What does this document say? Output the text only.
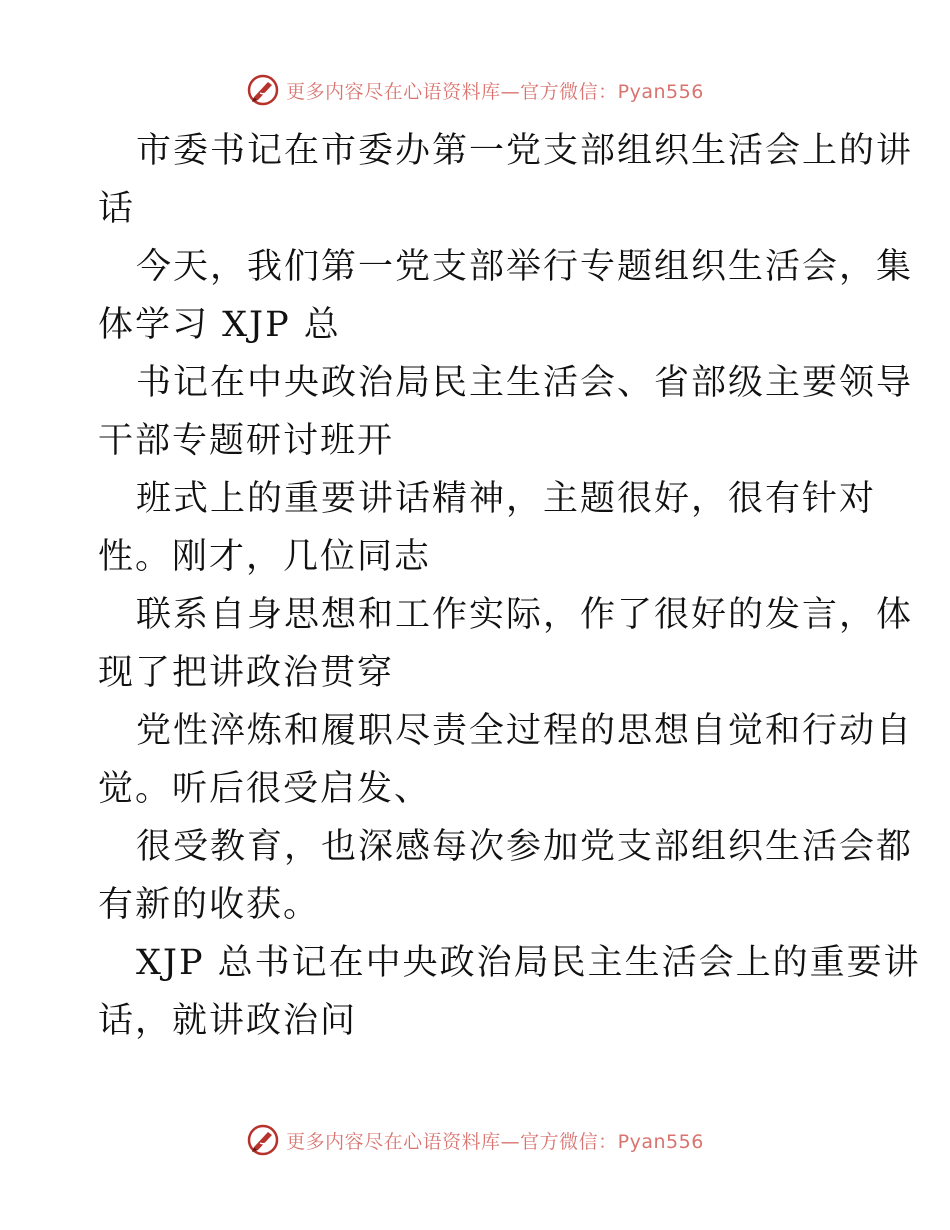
更多内容尽在心语资料库—官方微信：Pyan556
市委书记在市委办第一党支部组织生活会上的讲
话
今天，我们第一党支部举行专题组织生活会，集
体学习 XJP 总
书记在中央政治局民主生活会、省部级主要领导
干部专题研讨班开
班式上的重要讲话精神，主题很好，很有针对
性。刚才，几位同志
联系自身思想和工作实际，作了很好的发言，体
现了把讲政治贯穿
党性淬炼和履职尽责全过程的思想自觉和行动自
觉。听后很受启发、
很受教育，也深感每次参加党支部组织生活会都
有新的收获。
XJP 总书记在中央政治局民主生活会上的重要讲
话，就讲政治问
更多内容尽在心语资料库—官方微信：Pyan556
